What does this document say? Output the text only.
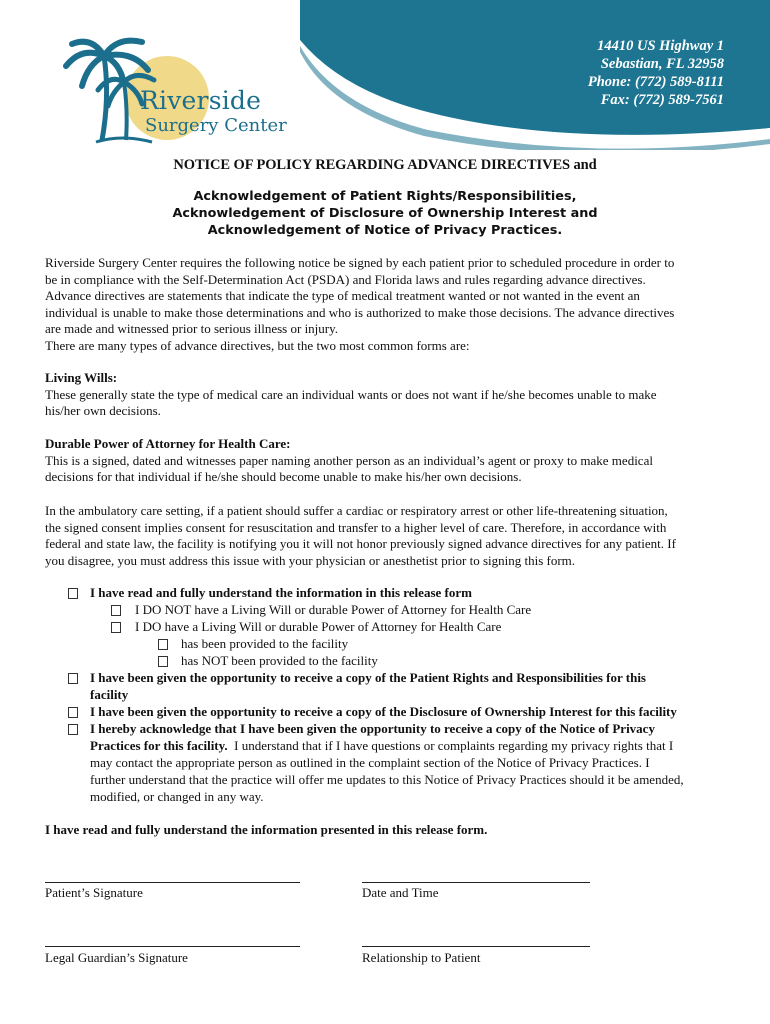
Riverside
Surgery Center
14410 US Highway 1
Sebastian, FL 32958
Phone: (772) 589-8111
Fax: (772) 589-7561
NOTICE OF POLICY REGARDING ADVANCE DIRECTIVES and
Acknowledgement of Patient Rights/Responsibilities,
Acknowledgement of Disclosure of Ownership Interest and
Acknowledgement of Notice of Privacy Practices.

Riverside Surgery Center requires the following notice be signed by each patient prior to scheduled procedure in order to

be in compliance with the Self-Determination Act (PSDA) and Florida laws and rules regarding advance directives.

Advance directives are statements that indicate the type of medical treatment wanted or not wanted in the event an

individual is unable to make those determinations and who is authorized to make those decisions. The advance directives

are made and witnessed prior to serious illness or injury.

There are many types of advance directives, but the two most common forms are:

Living Wills:

These generally state the type of medical care an individual wants or does not want if he/she becomes unable to make

his/her own decisions.

Durable Power of Attorney for Health Care:

This is a signed, dated and witnesses paper naming another person as an individual’s agent or proxy to make medical

decisions for that individual if he/she should become unable to make his/her own decisions.

In the ambulatory care setting, if a patient should suffer a cardiac or respiratory arrest or other life-threatening situation,

the signed consent implies consent for resuscitation and transfer to a higher level of care. Therefore, in accordance with

federal and state law, the facility is notifying you it will not honor previously signed advance directives for any patient. If

you disagree, you must address this issue with your physician or anesthetist prior to signing this form.

I have read and fully understand the information in this release form
I DO NOT have a Living Will or durable Power of Attorney for Health Care
I DO have a Living Will or durable Power of Attorney for Health Care
has been provided to the facility
has NOT been provided to the facility
I have been given the opportunity to receive a copy of the Patient Rights and Responsibilities for this
facility
I have been given the opportunity to receive a copy of the Disclosure of Ownership Interest for this facility
I hereby acknowledge that I have been given the opportunity to receive a copy of the Notice of Privacy
Practices for this facility.  I understand that if I have questions or complaints regarding my privacy rights that I
may contact the appropriate person as outlined in the complaint section of the Notice of Privacy Practices. I
further understand that the practice will offer me updates to this Notice of Privacy Practices should it be amended,
modified, or changed in any way.

I have read and fully understand the information presented in this release form.

Patient’s Signature	Date and Time
Legal Guardian’s Signature	Relationship to Patient
